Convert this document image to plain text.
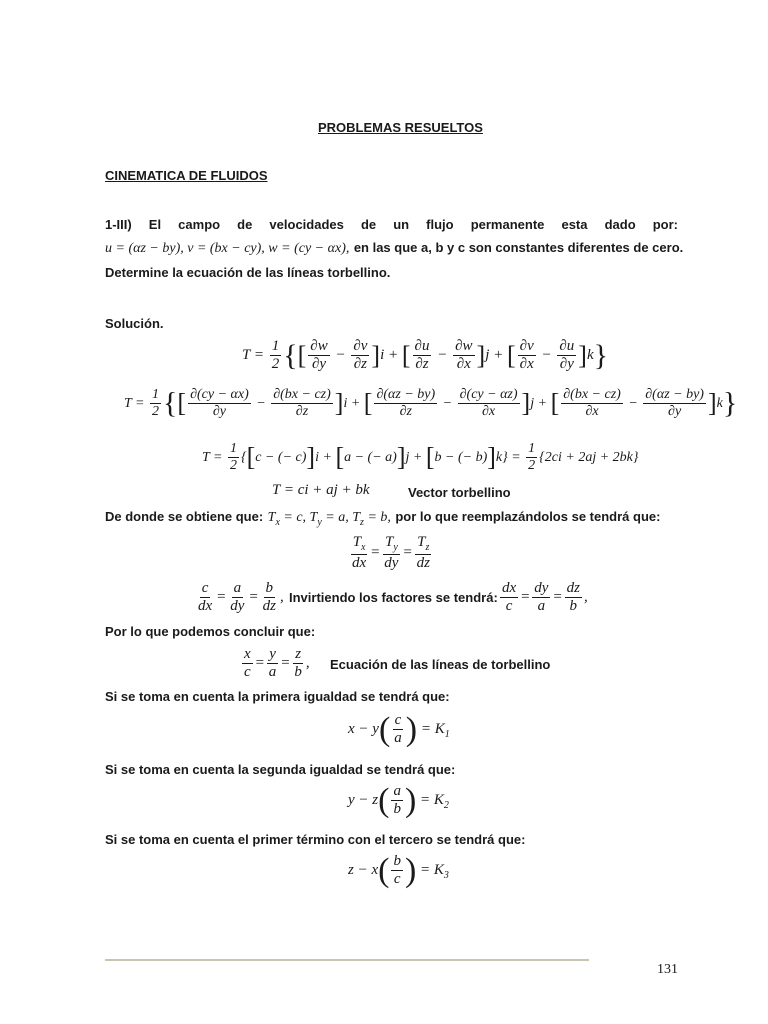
PROBLEMAS RESUELTOS
CINEMATICA DE FLUIDOS
1-III) El campo de velocidades de un flujo permanente esta dado por:
u = (αz − by), v = (bx − cy), w = (cy − αx), en las que a, b y c son constantes diferentes de cero.
Determine la ecuación de las líneas torbellino.
Solución.
$T = \frac{1}{2}$ {[ $\frac{\partial w}{\partial y} - \frac{\partial v}{\partial z} ]i$ + [ $\frac{\partial u}{\partial z} - \frac{\partial w}{\partial x} ]j$ + [ $\frac{\partial v}{\partial x} - \frac{\partial u}{\partial y} ]k$}
$T = \frac{1}{2}$ {[ $\frac{\partial(cy - \alpha x)}{\partial y} - \frac{\partial(bx - cz)}{\partial z} ]i$ + [ $\frac{\partial(\alpha z - by)}{\partial z} - \frac{\partial(cy - \alpha z)}{\partial x} ]j$ + [ $\frac{\partial(bx - cz)}{\partial x} - \frac{\partial(\alpha z - by)}{\partial y} ]k$}
$T = \frac{1}{2} \{[c$ − (− c)]i + [a − (− a)]j + [b − (− $b)]k\} = \frac{1}{2} \{2ci + 2aj + 2bk\}$
T = ci + aj + bk	Vector torbellino
De donde se obtiene que: $T_x = c$, $T_y = a$, $T_z = b$, por lo que reemplazándolos se tendrá que:
$\frac{T_x}{dx} = \frac{T_y}{dy} = \frac{T_z}{dz}$
$\frac{c}{dx} = \frac{a}{dy} = \frac{b}{dz}$ , Invirtiendo los factores se tendrá: $\frac{dx}{c} = \frac{dy}{a} = \frac{dz}{b}$ ,
Por lo que podemos concluir que:
$\frac{x}{c} = \frac{y}{a} = \frac{z}{b}$ , Ecuación de las líneas de torbellino
Si se toma en cuenta la primera igualdad se tendrá que:
$x - y( \frac{c}{a}$ ) = $K_1$
Si se toma en cuenta la segunda igualdad se tendrá que:
$y - z( \frac{a}{b}$ ) = $K_2$
Si se toma en cuenta el primer término con el tercero se tendrá que:
$z - x( \frac{b}{c}$ ) = $K_3$
131
